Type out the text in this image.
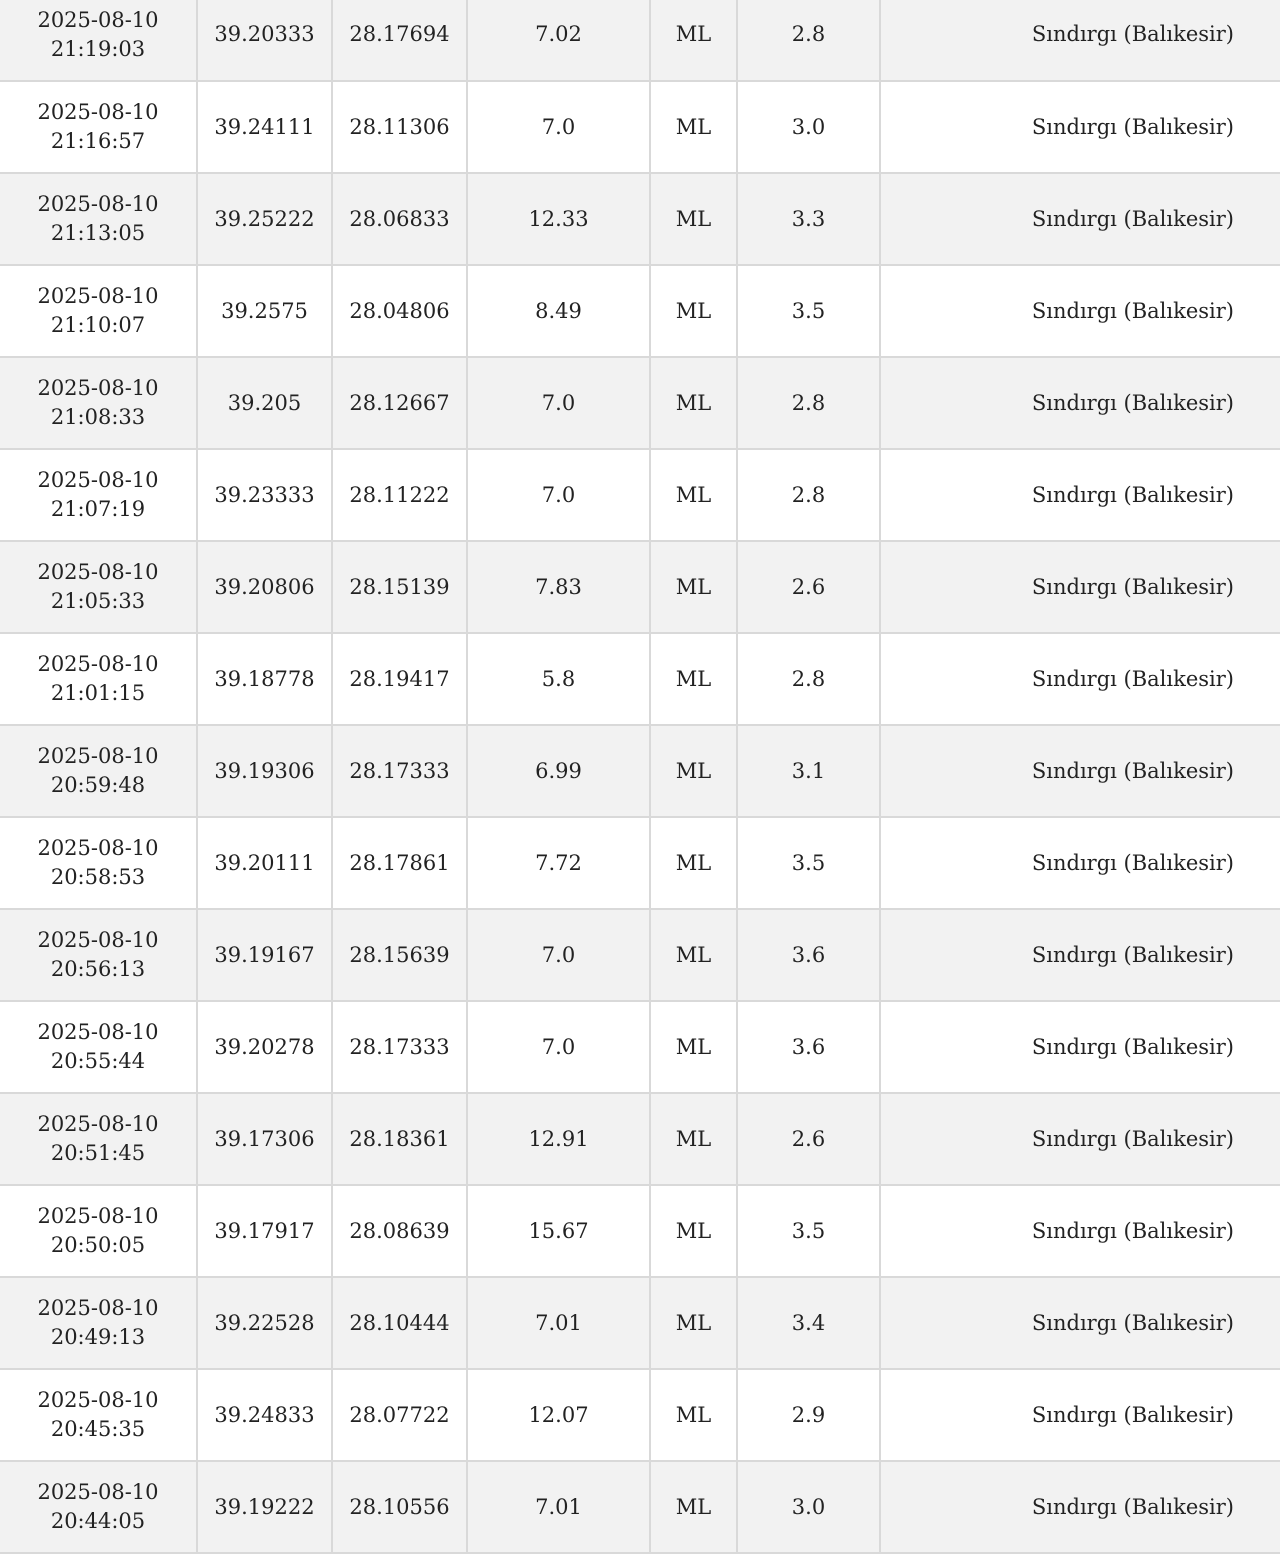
2025-08-10
21:19:03	39.20333	28.17694	7.02	ML	2.8	Sındırgı (Balıkesir)

2025-08-10
21:16:57	39.24111	28.11306	7.0	ML	3.0	Sındırgı (Balıkesir)

2025-08-10
21:13:05	39.25222	28.06833	12.33	ML	3.3	Sındırgı (Balıkesir)

2025-08-10
21:10:07	39.2575	28.04806	8.49	ML	3.5	Sındırgı (Balıkesir)

2025-08-10
21:08:33	39.205	28.12667	7.0	ML	2.8	Sındırgı (Balıkesir)

2025-08-10
21:07:19	39.23333	28.11222	7.0	ML	2.8	Sındırgı (Balıkesir)

2025-08-10
21:05:33	39.20806	28.15139	7.83	ML	2.6	Sındırgı (Balıkesir)

2025-08-10
21:01:15	39.18778	28.19417	5.8	ML	2.8	Sındırgı (Balıkesir)

2025-08-10
20:59:48	39.19306	28.17333	6.99	ML	3.1	Sındırgı (Balıkesir)

2025-08-10
20:58:53	39.20111	28.17861	7.72	ML	3.5	Sındırgı (Balıkesir)

2025-08-10
20:56:13	39.19167	28.15639	7.0	ML	3.6	Sındırgı (Balıkesir)

2025-08-10
20:55:44	39.20278	28.17333	7.0	ML	3.6	Sındırgı (Balıkesir)

2025-08-10
20:51:45	39.17306	28.18361	12.91	ML	2.6	Sındırgı (Balıkesir)

2025-08-10
20:50:05	39.17917	28.08639	15.67	ML	3.5	Sındırgı (Balıkesir)

2025-08-10
20:49:13	39.22528	28.10444	7.01	ML	3.4	Sındırgı (Balıkesir)

2025-08-10
20:45:35	39.24833	28.07722	12.07	ML	2.9	Sındırgı (Balıkesir)

2025-08-10
20:44:05	39.19222	28.10556	7.01	ML	3.0	Sındırgı (Balıkesir)
